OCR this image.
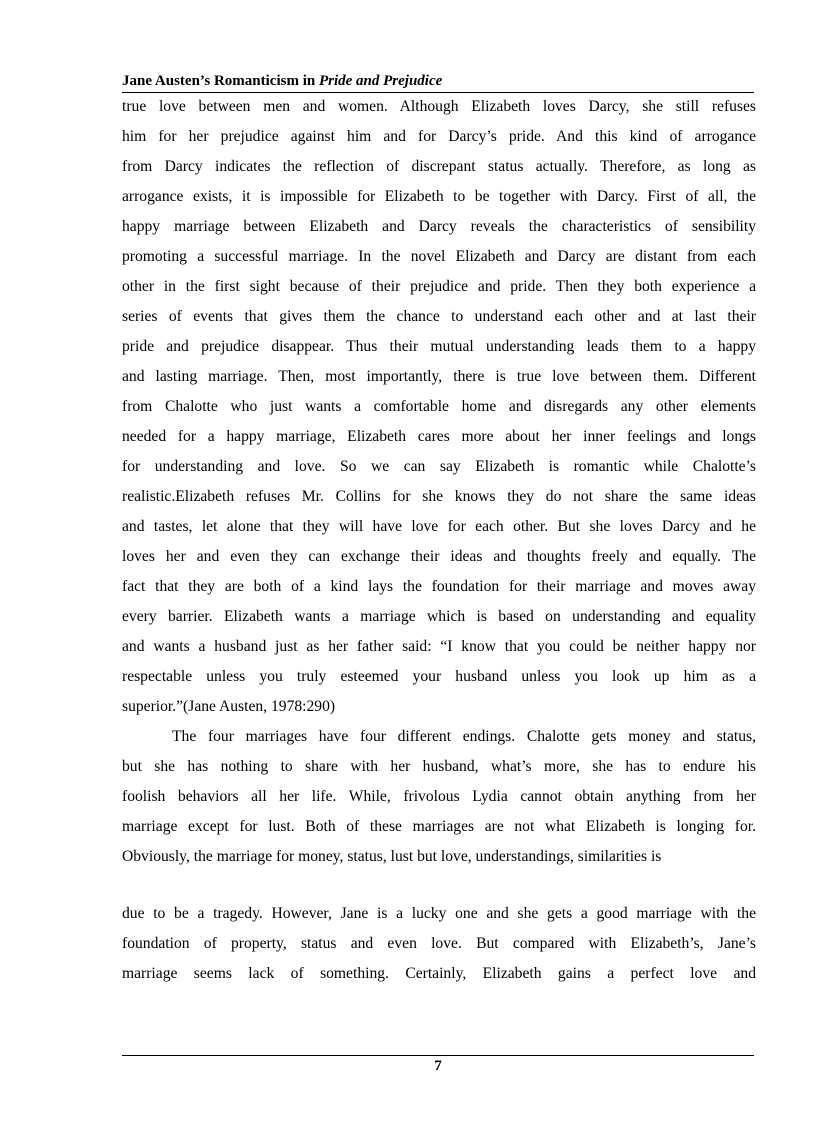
Jane Austen’s Romanticism in Pride and Prejudice
true love between men and women. Although Elizabeth loves Darcy, she still refuses
him for her prejudice against him and for Darcy’s pride. And this kind of arrogance
from Darcy indicates the reflection of discrepant status actually. Therefore, as long as
arrogance exists, it is impossible for Elizabeth to be together with Darcy. First of all, the
happy marriage between Elizabeth and Darcy reveals the characteristics of sensibility
promoting a successful marriage. In the novel Elizabeth and Darcy are distant from each
other in the first sight because of their prejudice and pride. Then they both experience a
series of events that gives them the chance to understand each other and at last their
pride and prejudice disappear. Thus their mutual understanding leads them to a happy
and lasting marriage. Then, most importantly, there is true love between them. Different
from Chalotte who just wants a comfortable home and disregards any other elements
needed for a happy marriage, Elizabeth cares more about her inner feelings and longs
for understanding and love. So we can say Elizabeth is romantic while Chalotte’s
realistic.Elizabeth refuses Mr. Collins for she knows they do not share the same ideas
and tastes, let alone that they will have love for each other. But she loves Darcy and he
loves her and even they can exchange their ideas and thoughts freely and equally. The
fact that they are both of a kind lays the foundation for their marriage and moves away
every barrier. Elizabeth wants a marriage which is based on understanding and equality
and wants a husband just as her father said: “I know that you could be neither happy nor
respectable unless you truly esteemed your husband unless you look up him as a
superior.”(Jane Austen, 1978:290)
The four marriages have four different endings. Chalotte gets money and status,
but she has nothing to share with her husband, what’s more, she has to endure his
foolish behaviors all her life. While, frivolous Lydia cannot obtain anything from her
marriage except for lust. Both of these marriages are not what Elizabeth is longing for.
Obviously, the marriage for money, status, lust but love, understandings, similarities is
due to be a tragedy. However, Jane is a lucky one and she gets a good marriage with the
foundation of property, status and even love. But compared with Elizabeth’s, Jane’s
marriage seems lack of something. Certainly, Elizabeth gains a perfect love and
7
